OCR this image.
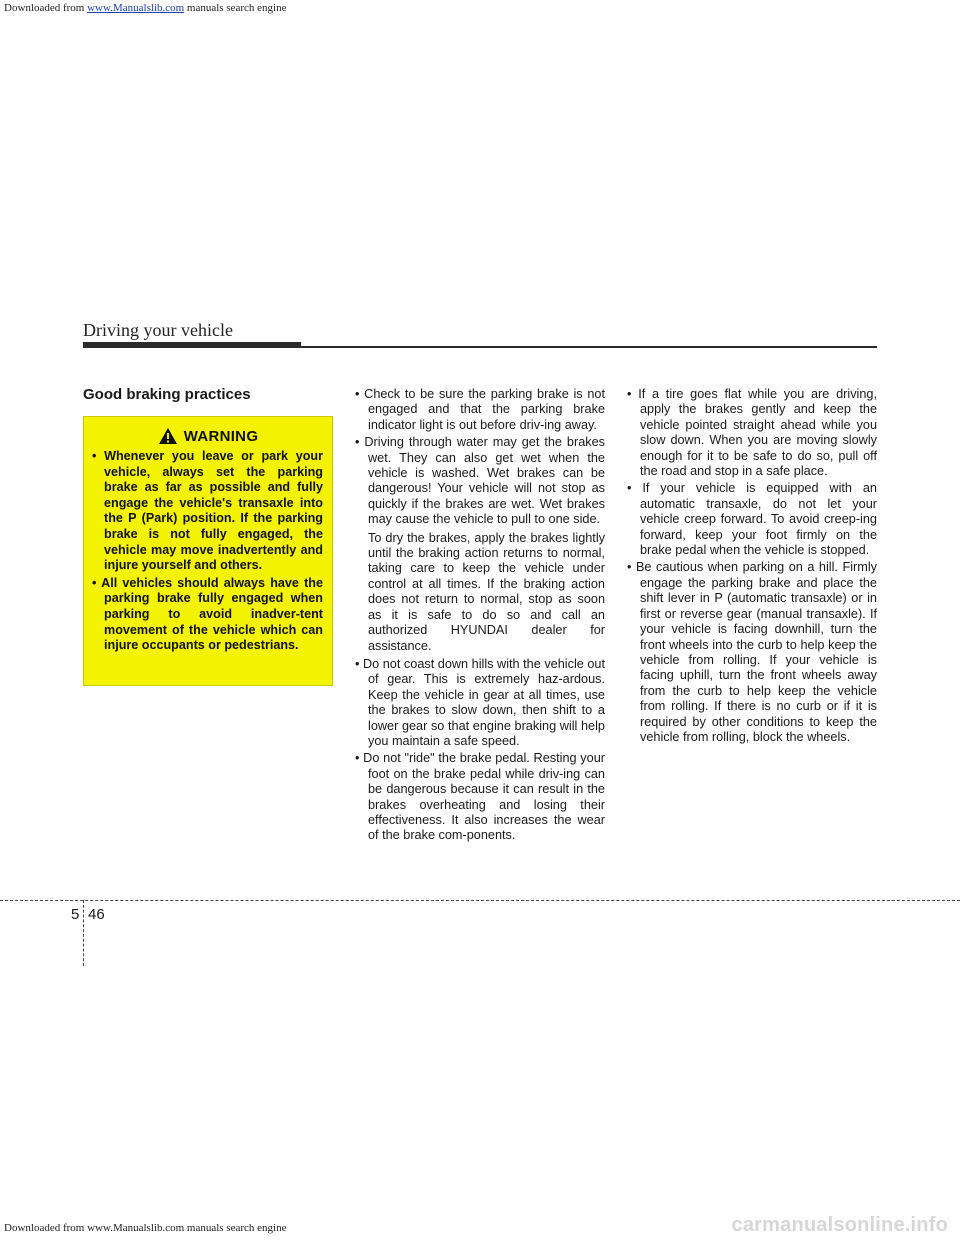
Downloaded from www.Manualslib.com manuals search engine
Driving your vehicle
Good braking practices
WARNING
• Whenever you leave or park your vehicle, always set the parking brake as far as possible and fully engage the vehicle's transaxle into the P (Park) position. If the parking brake is not fully engaged, the vehicle may move inadvertently and injure yourself and others.
• All vehicles should always have the parking brake fully engaged when parking to avoid inadver-tent movement of the vehicle which can injure occupants or pedestrians.
• Check to be sure the parking brake is not engaged and that the parking brake indicator light is out before driv-ing away.
• Driving through water may get the brakes wet. They can also get wet when the vehicle is washed. Wet brakes can be dangerous! Your vehicle will not stop as quickly if the brakes are wet. Wet brakes may cause the vehicle to pull to one side.

To dry the brakes, apply the brakes lightly until the braking action returns to normal, taking care to keep the vehicle under control at all times. If the braking action does not return to normal, stop as soon as it is safe to do so and call an authorized HYUNDAI dealer for assistance.

• Do not coast down hills with the vehicle out of gear. This is extremely haz-ardous. Keep the vehicle in gear at all times, use the brakes to slow down, then shift to a lower gear so that engine braking will help you maintain a safe speed.
• Do not "ride" the brake pedal. Resting your foot on the brake pedal while driv-ing can be dangerous because it can result in the brakes overheating and losing their effectiveness. It also increases the wear of the brake com-ponents.
• If a tire goes flat while you are driving, apply the brakes gently and keep the vehicle pointed straight ahead while you slow down. When you are moving slowly enough for it to be safe to do so, pull off the road and stop in a safe place.
• If your vehicle is equipped with an automatic transaxle, do not let your vehicle creep forward. To avoid creep-ing forward, keep your foot firmly on the brake pedal when the vehicle is stopped.
• Be cautious when parking on a hill. Firmly engage the parking brake and place the shift lever in P (automatic transaxle) or in first or reverse gear (manual transaxle). If your vehicle is facing downhill, turn the front wheels into the curb to help keep the vehicle from rolling. If your vehicle is facing uphill, turn the front wheels away from the curb to help keep the vehicle from rolling. If there is no curb or if it is required by other conditions to keep the vehicle from rolling, block the wheels.
5 46
Downloaded from www.Manualslib.com manuals search engine	carmanualsonline.info
